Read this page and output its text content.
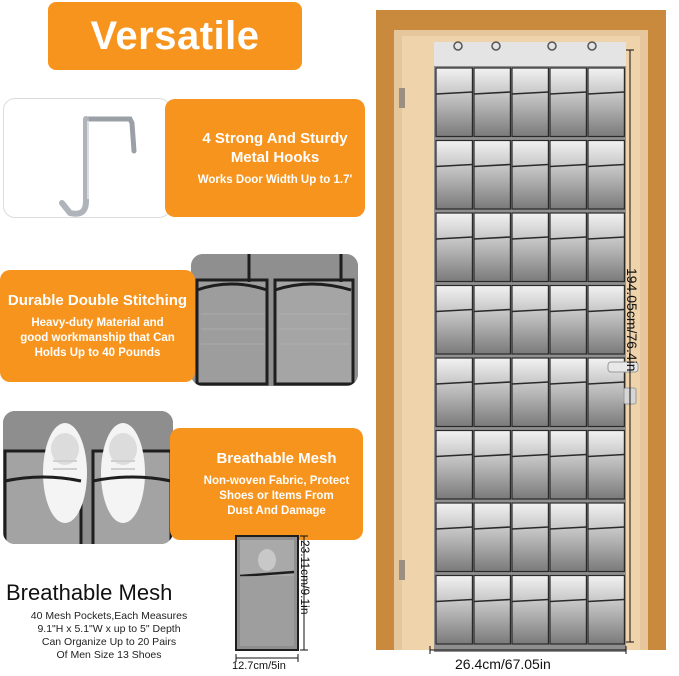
Versatile
4 Strong And Sturdy
Metal Hooks
Works Door Width Up to 1.7'
Durable Double Stitching
Heavy-duty Material and
good workmanship that Can
Holds Up to 40 Pounds
Breathable Mesh
Non-woven Fabric, Protect
Shoes or Items From
Dust And Damage
Breathable Mesh
40 Mesh Pockets,Each Measures
9.1"H x 5.1"W x up to 5" Depth
Can Organize Up to 20 Pairs
Of Men Size 13 Shoes
23.11cm/9.1in
12.7cm/5in
194.05cm/76.4in
26.4cm/67.05in
